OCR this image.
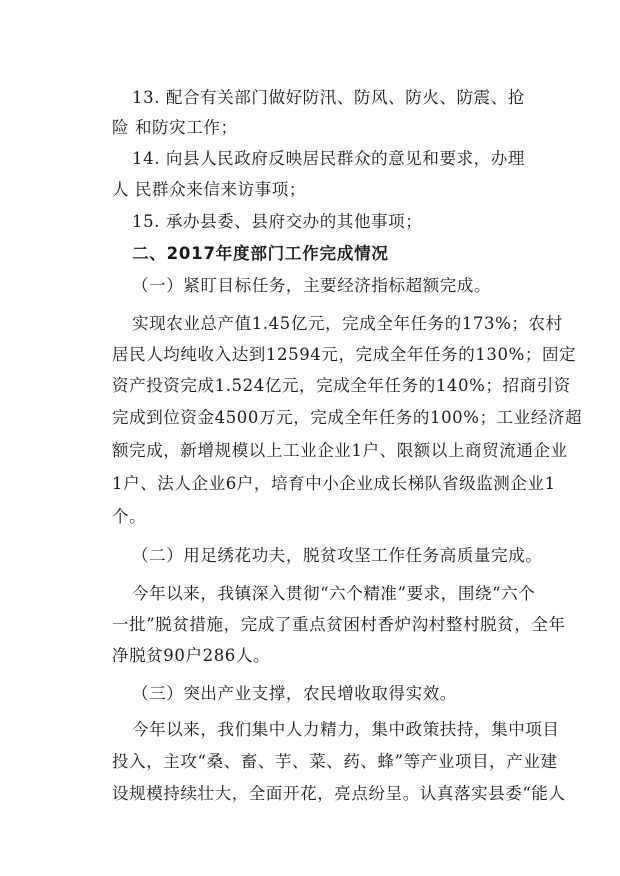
13. 配合有关部门做好防汛、防风、防火、防震、抢
险 和防灾工作；
14. 向县人民政府反映居民群众的意见和要求，办理
人 民群众来信来访事项；
15. 承办县委、县府交办的其他事项；
二、2017年度部门工作完成情况
（一）紧盯目标任务，主要经济指标超额完成。
实现农业总产值1.45亿元，完成全年任务的173%；农村
居民人均纯收入达到12594元，完成全年任务的130%；固定
资产投资完成1.524亿元，完成全年任务的140%；招商引资
完成到位资金4500万元，完成全年任务的100%；工业经济超
额完成，新增规模以上工业企业1户、限额以上商贸流通企业
1户、法人企业6户，培育中小企业成长梯队省级监测企业1
个。
（二）用足绣花功夫，脱贫攻坚工作任务高质量完成。
今年以来，我镇深入贯彻“六个精准”要求，围绕“六个
一批”脱贫措施，完成了重点贫困村香炉沟村整村脱贫，全年
净脱贫90户286人。
（三）突出产业支撑，农民增收取得实效。
今年以来，我们集中人力精力，集中政策扶持，集中项目
投入，主攻“桑、畜、芋、菜、药、蜂”等产业项目，产业建
设规模持续壮大，全面开花，亮点纷呈。认真落实县委“能人
